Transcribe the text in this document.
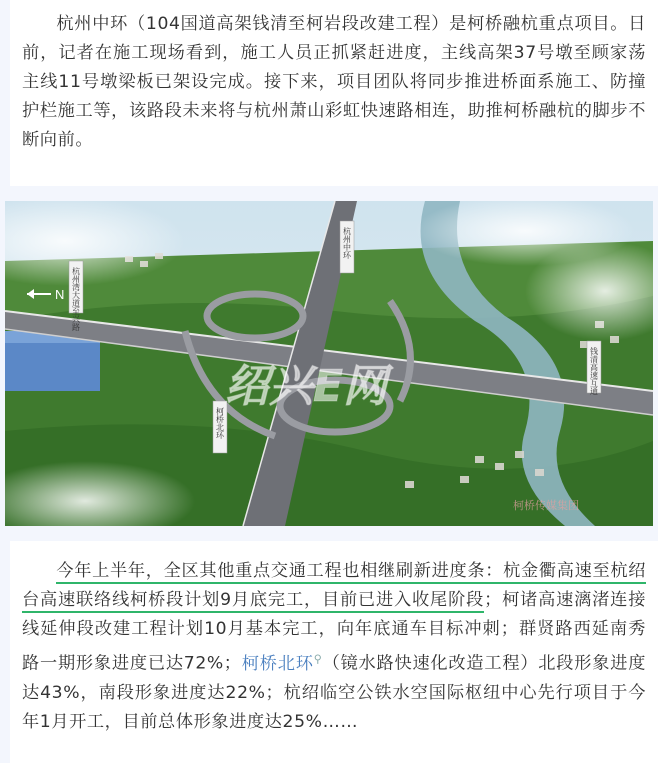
杭州中环（104国道高架钱清至柯岩段改建工程）是柯桥融杭重点项目。日前，记者在施工现场看到，施工人员正抓紧赶进度，主线高架37号墩至顾家荡主线11号墩梁板已架设完成。接下来，项目团队将同步推进桥面系施工、防撞护栏施工等，该路段未来将与杭州萧山彩虹快速路相连，助推柯桥融杭的脚步不断向前。

N 杭州湾大道至兴路
杭州中环
柯桥北环
钱清高速互通
绍兴E网
柯桥传媒集团

今年上半年，全区其他重点交通工程也相继刷新进度条：杭金衢高速至杭绍台高速联络线柯桥段计划9月底完工，目前已进入收尾阶段；柯诸高速漓渚连接线延伸段改建工程计划10月基本完工，向年底通车目标冲刺；群贤路西延南秀路一期形象进度已达72%；柯桥北环⚲（镜水路快速化改造工程）北段形象进度达43%，南段形象进度达22%；杭绍临空公铁水空国际枢纽中心先行项目于今年1月开工，目前总体形象进度达25%……
